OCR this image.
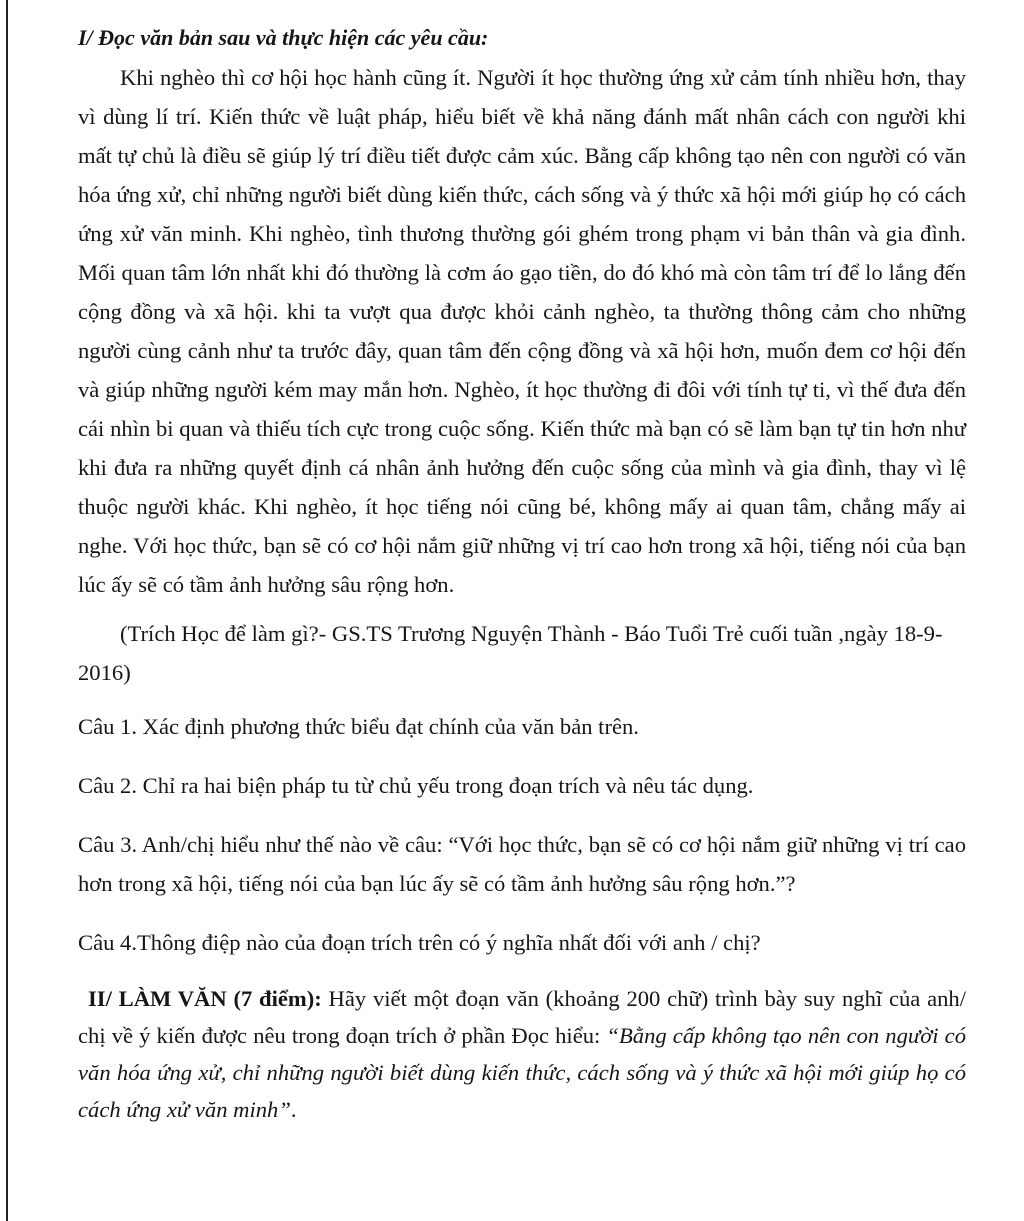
I/ Đọc văn bản sau và thực hiện các yêu cầu:

Khi nghèo thì cơ hội học hành cũng ít. Người ít học thường ứng xử cảm tính nhiều hơn, thay vì dùng lí trí. Kiến thức về luật pháp, hiểu biết về khả năng đánh mất nhân cách con người khi mất tự chủ là điều sẽ giúp lý trí điều tiết được cảm xúc. Bằng cấp không tạo nên con người có văn hóa ứng xử, chỉ những người biết dùng kiến thức, cách sống và ý thức xã hội mới giúp họ có cách ứng xử văn minh. Khi nghèo, tình thương thường gói ghém trong phạm vi bản thân và gia đình. Mối quan tâm lớn nhất khi đó thường là cơm áo gạo tiền, do đó khó mà còn tâm trí để lo lắng đến cộng đồng và xã hội. khi ta vượt qua được khỏi cảnh nghèo, ta thường thông cảm cho những người cùng cảnh như ta trước đây, quan tâm đến cộng đồng và xã hội hơn, muốn đem cơ hội đến và giúp những người kém may mắn hơn. Nghèo, ít học thường đi đôi với tính tự ti, vì thế đưa đến cái nhìn bi quan và thiếu tích cực trong cuộc sống. Kiến thức mà bạn có sẽ làm bạn tự tin hơn như khi đưa ra những quyết định cá nhân ảnh hưởng đến cuộc sống của mình và gia đình, thay vì lệ thuộc người khác. Khi nghèo, ít học tiếng nói cũng bé, không mấy ai quan tâm, chẳng mấy ai nghe. Với học thức, bạn sẽ có cơ hội nắm giữ những vị trí cao hơn trong xã hội, tiếng nói của bạn lúc ấy sẽ có tầm ảnh hưởng sâu rộng hơn.

(Trích Học để làm gì?- GS.TS Trương Nguyện Thành - Báo Tuổi Trẻ cuối tuần ,ngày 18-9-2016)

Câu 1. Xác định phương thức biểu đạt chính của văn bản trên.

Câu 2. Chỉ ra hai biện pháp tu từ chủ yếu trong đoạn trích và nêu tác dụng.

Câu 3. Anh/chị hiểu như thế nào về câu: “Với học thức, bạn sẽ có cơ hội nắm giữ những vị trí cao hơn trong xã hội, tiếng nói của bạn lúc ấy sẽ có tầm ảnh hưởng sâu rộng hơn.”?

Câu 4.Thông điệp nào của đoạn trích trên có ý nghĩa nhất đối với anh / chị?

II/ LÀM VĂN (7 điểm): Hãy viết một đoạn văn (khoảng 200 chữ) trình bày suy nghĩ của anh/ chị về ý kiến được nêu trong đoạn trích ở phần Đọc hiểu: “Bằng cấp không tạo nên con người có văn hóa ứng xử, chỉ những người biết dùng kiến thức, cách sống và ý thức xã hội mới giúp họ có cách ứng xử văn minh”.
